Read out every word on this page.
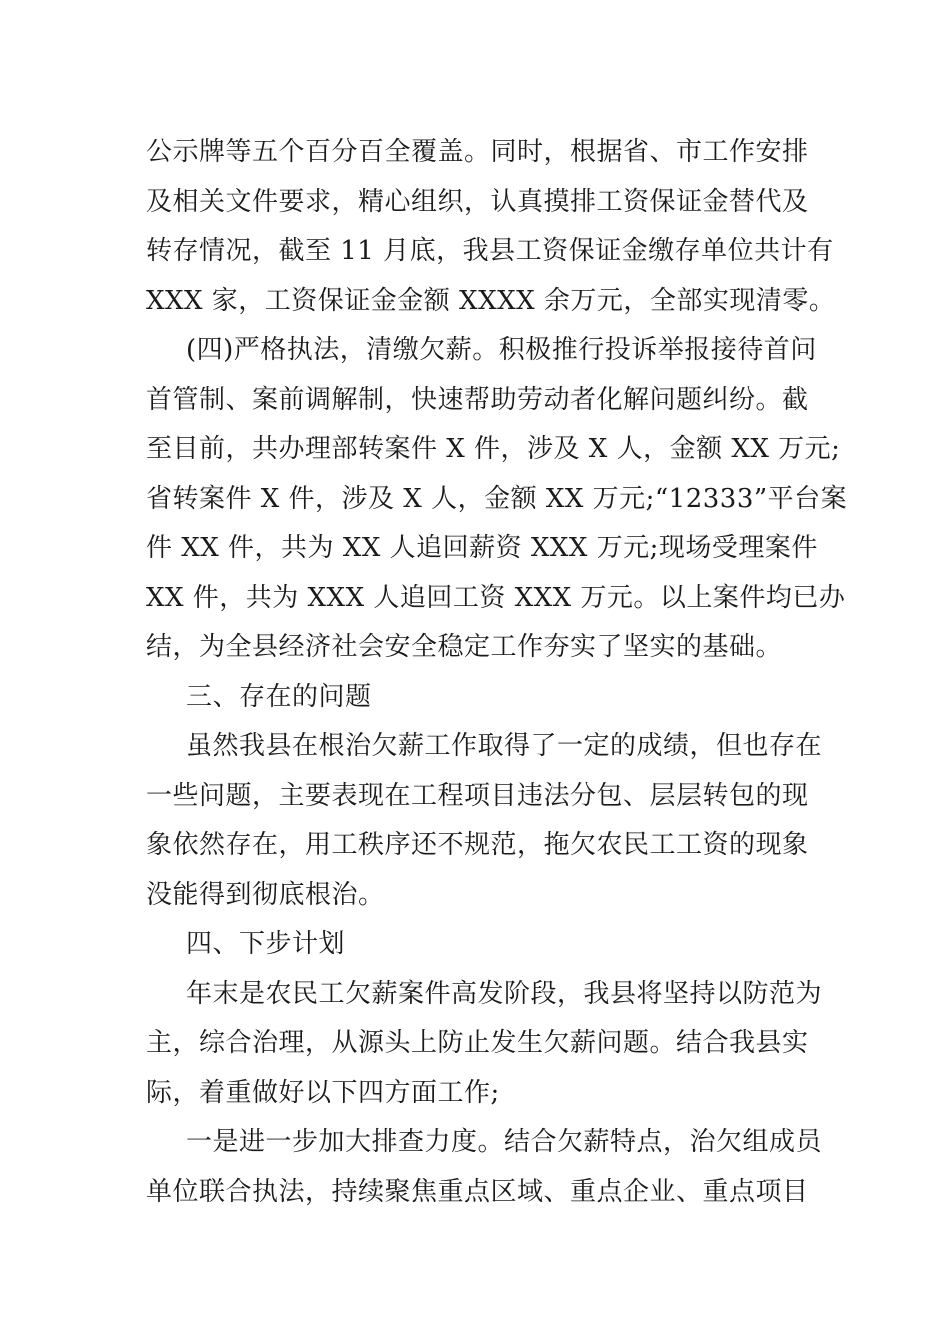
公示牌等五个百分百全覆盖。同时，根据省、市工作安排
及相关文件要求，精心组织，认真摸排工资保证金替代及
转存情况，截至 11 月底，我县工资保证金缴存单位共计有
XXX 家，工资保证金金额 XXXX 余万元，全部实现清零。
(四)严格执法，清缴欠薪。积极推行投诉举报接待首问
首管制、案前调解制，快速帮助劳动者化解问题纠纷。截
至目前，共办理部转案件 X 件，涉及 X 人，金额 XX 万元;
省转案件 X 件，涉及 X 人，金额 XX 万元;“12333”平台案
件 XX 件，共为 XX 人追回薪资 XXX 万元;现场受理案件
XX 件，共为 XXX 人追回工资 XXX 万元。以上案件均已办
结，为全县经济社会安全稳定工作夯实了坚实的基础。
三、存在的问题
虽然我县在根治欠薪工作取得了一定的成绩，但也存在
一些问题，主要表现在工程项目违法分包、层层转包的现
象依然存在，用工秩序还不规范，拖欠农民工工资的现象
没能得到彻底根治。
四、下步计划
年末是农民工欠薪案件高发阶段，我县将坚持以防范为
主，综合治理，从源头上防止发生欠薪问题。结合我县实
际，着重做好以下四方面工作;
一是进一步加大排查力度。结合欠薪特点，治欠组成员
单位联合执法，持续聚焦重点区域、重点企业、重点项目
